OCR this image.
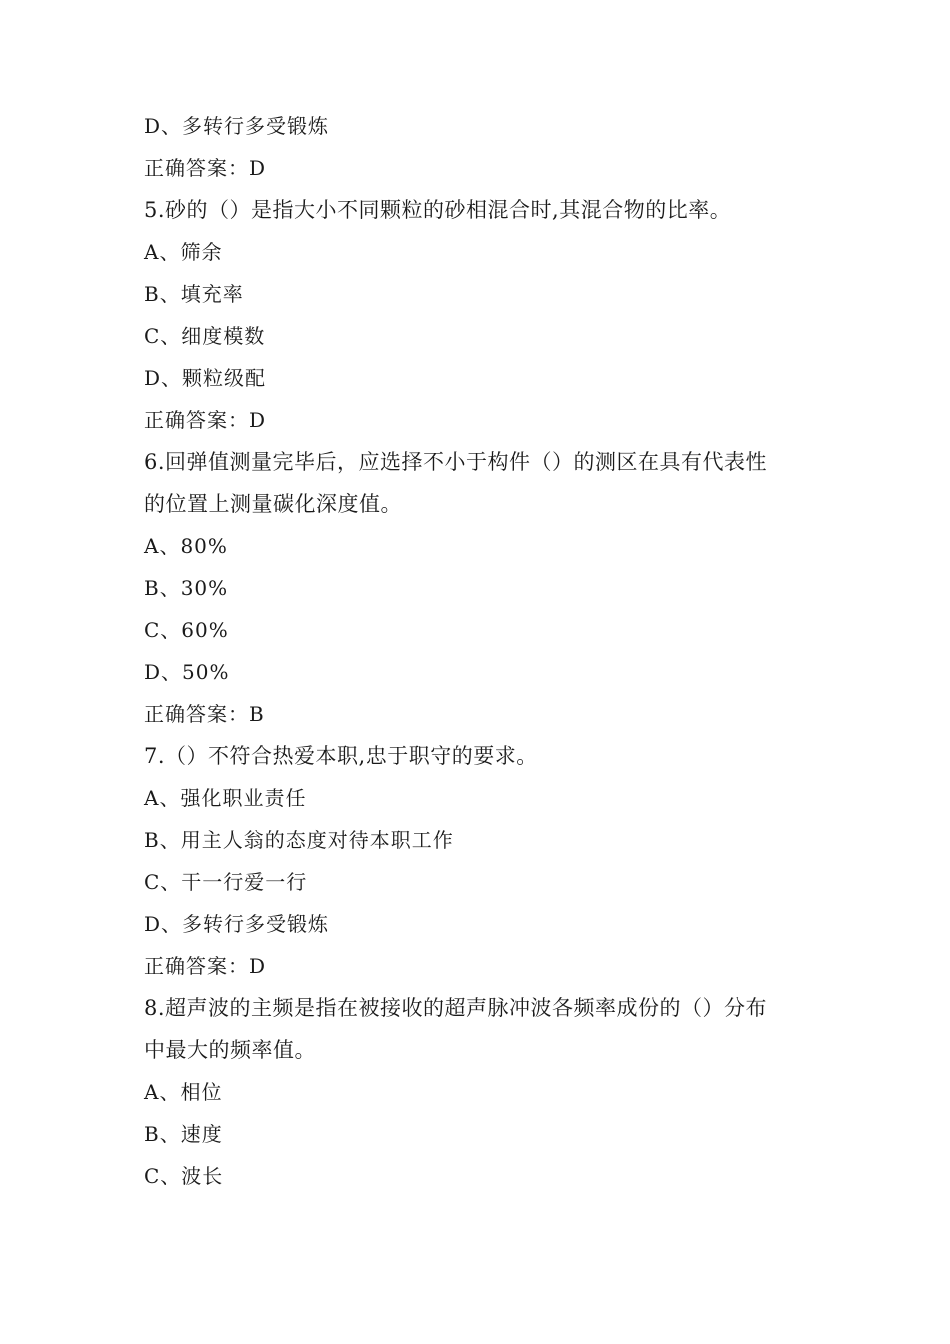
D、多转行多受锻炼
正确答案：D
5.砂的（）是指大小不同颗粒的砂相混合时,其混合物的比率。
A、筛余
B、填充率
C、细度模数
D、颗粒级配
正确答案：D
6.回弹值测量完毕后，应选择不小于构件（）的测区在具有代表性
的位置上测量碳化深度值。
A、80%
B、30%
C、60%
D、50%
正确答案：B
7.（）不符合热爱本职,忠于职守的要求。
A、强化职业责任
B、用主人翁的态度对待本职工作
C、干一行爱一行
D、多转行多受锻炼
正确答案：D
8.超声波的主频是指在被接收的超声脉冲波各频率成份的（）分布
中最大的频率值。
A、相位
B、速度
C、波长
